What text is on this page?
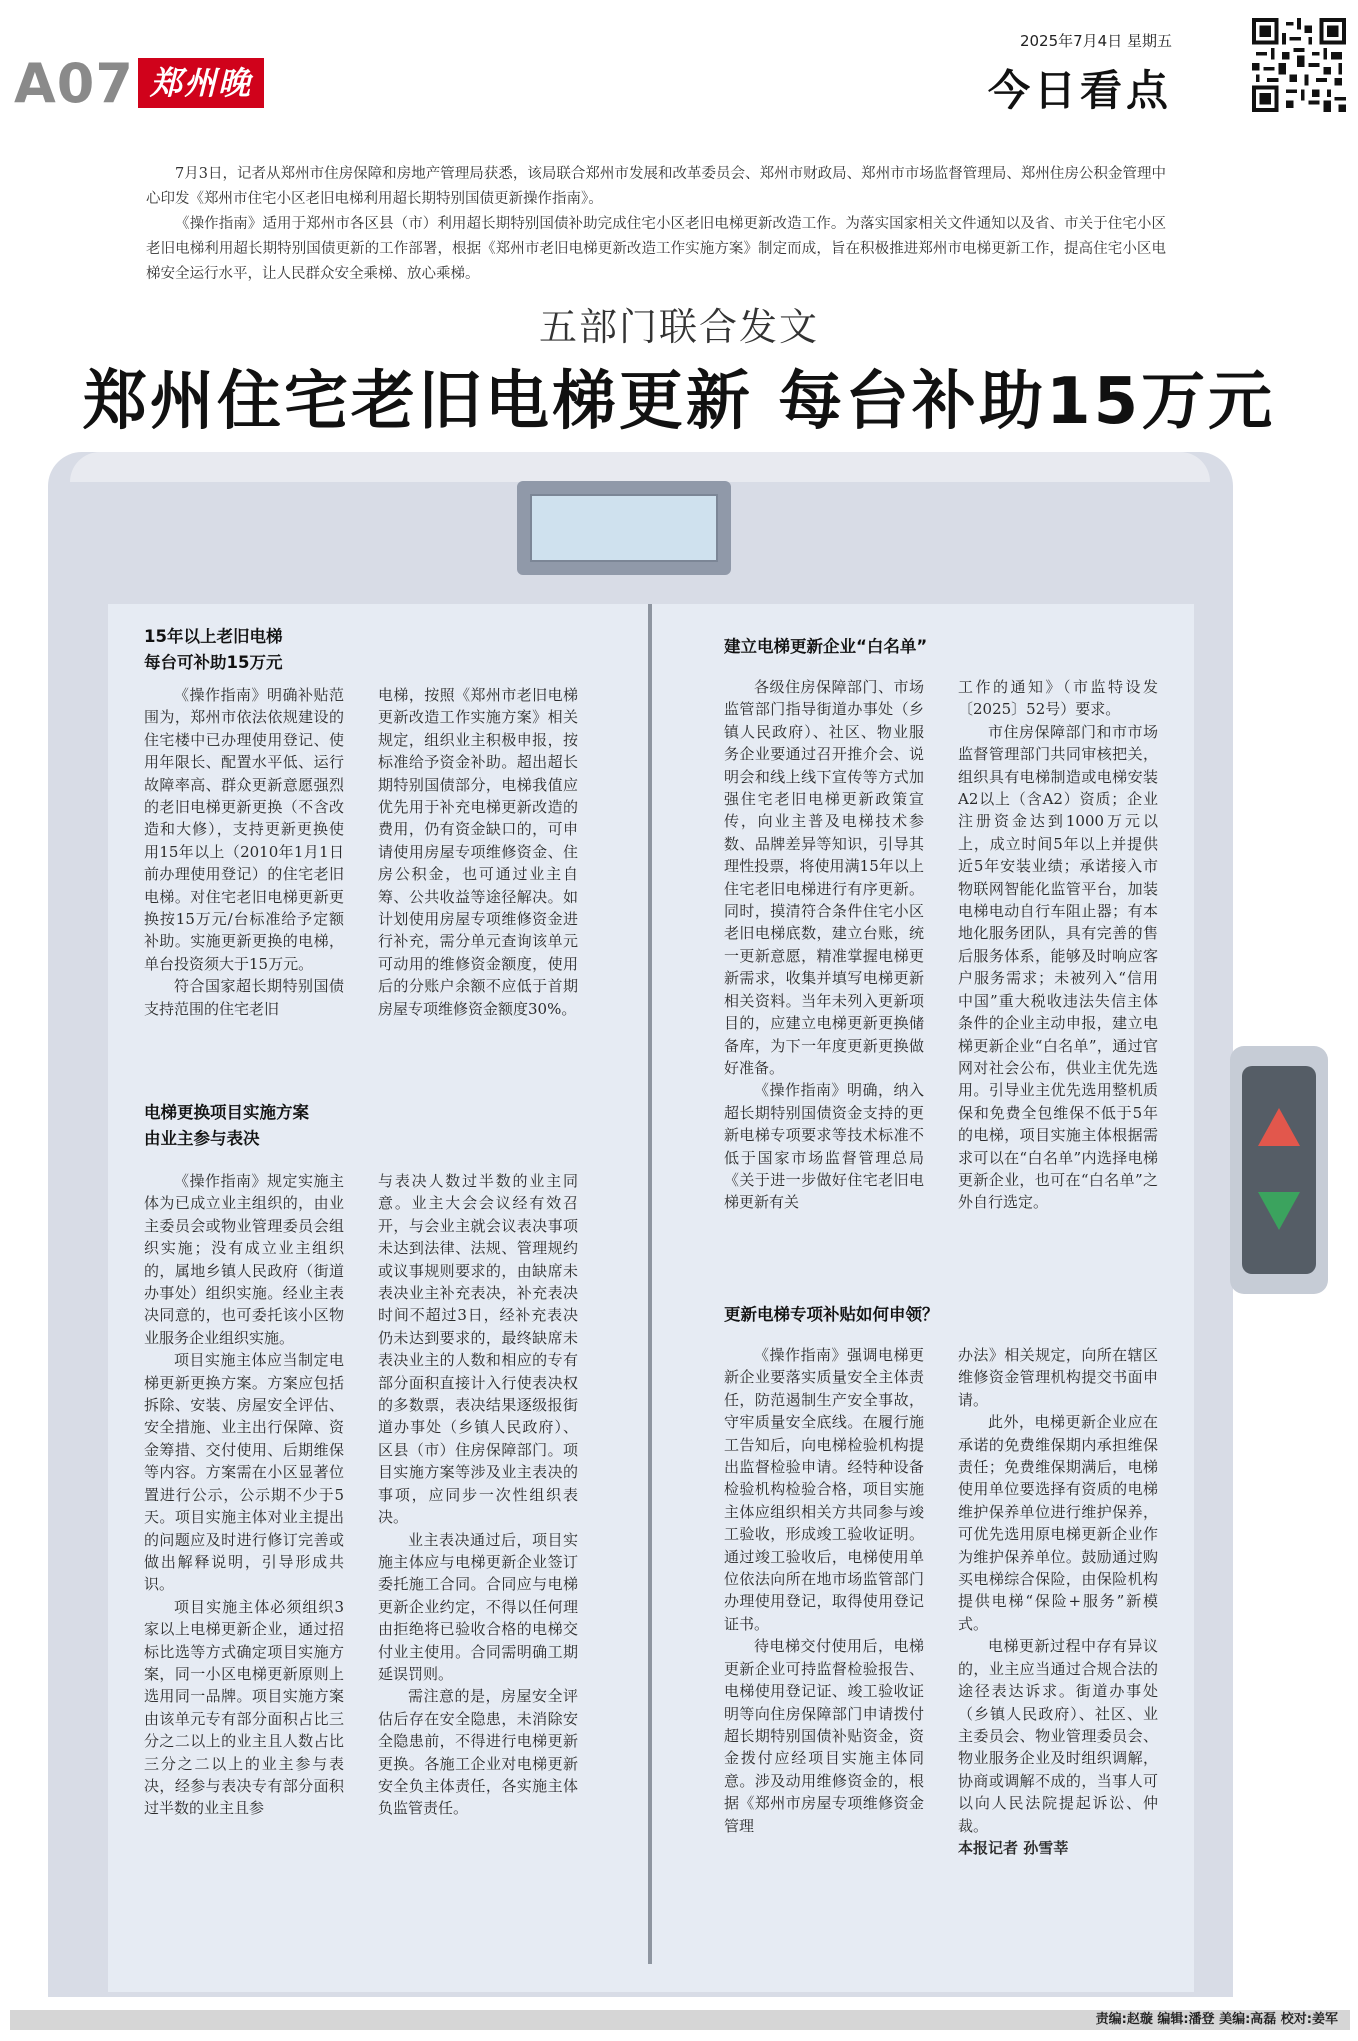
A07 郑州晚报
2025年7月4日 星期五
今日看点

7月3日，记者从郑州市住房保障和房地产管理局获悉，该局联合郑州市发展和改革委员会、郑州市财政局、郑州市市场监督管理局、郑州住房公积金管理中心印发《郑州市住宅小区老旧电梯利用超长期特别国债更新操作指南》。

《操作指南》适用于郑州市各区县（市）利用超长期特别国债补助完成住宅小区老旧电梯更新改造工作。为落实国家相关文件通知以及省、市关于住宅小区老旧电梯利用超长期特别国债更新的工作部署，根据《郑州市老旧电梯更新改造工作实施方案》制定而成，旨在积极推进郑州市电梯更新工作，提高住宅小区电梯安全运行水平，让人民群众安全乘梯、放心乘梯。

五部门联合发文
郑州住宅老旧电梯更新 每台补助15万元
15年以上老旧电梯
每台可补助15万元

《操作指南》明确补贴范围为，郑州市依法依规建设的住宅楼中已办理使用登记、使用年限长、配置水平低、运行故障率高、群众更新意愿强烈的老旧电梯更新更换（不含改造和大修），支持更新更换使用15年以上（2010年1月1日前办理使用登记）的住宅老旧电梯。对住宅老旧电梯更新更换按15万元/台标准给予定额补助。实施更新更换的电梯，单台投资须大于15万元。

符合国家超长期特别国债支持范围的住宅老旧

电梯，按照《郑州市老旧电梯更新改造工作实施方案》相关规定，组织业主积极申报，按标准给予资金补助。超出超长期特别国债部分，电梯我值应优先用于补充电梯更新改造的费用，仍有资金缺口的，可申请使用房屋专项维修资金、住房公积金，也可通过业主自筹、公共收益等途径解决。如计划使用房屋专项维修资金进行补充，需分单元查询该单元可动用的维修资金额度，使用后的分账户余额不应低于首期房屋专项维修资金额度30%。

电梯更换项目实施方案
由业主参与表决

《操作指南》规定实施主体为已成立业主组织的，由业主委员会或物业管理委员会组织实施；没有成立业主组织的，属地乡镇人民政府（街道办事处）组织实施。经业主表决同意的，也可委托该小区物业服务企业组织实施。

项目实施主体应当制定电梯更新更换方案。方案应包括拆除、安装、房屋安全评估、安全措施、业主出行保障、资金筹措、交付使用、后期维保等内容。方案需在小区显著位置进行公示，公示期不少于5天。项目实施主体对业主提出的问题应及时进行修订完善或做出解释说明，引导形成共识。

项目实施主体必须组织3家以上电梯更新企业，通过招标比选等方式确定项目实施方案，同一小区电梯更新原则上选用同一品牌。项目实施方案由该单元专有部分面积占比三分之二以上的业主且人数占比三分之二以上的业主参与表决，经参与表决专有部分面积过半数的业主且参

与表决人数过半数的业主同意。业主大会会议经有效召开，与会业主就会议表决事项未达到法律、法规、管理规约或议事规则要求的，由缺席未表决业主补充表决，补充表决时间不超过3日，经补充表决仍未达到要求的，最终缺席未表决业主的人数和相应的专有部分面积直接计入行使表决权的多数票，表决结果逐级报街道办事处（乡镇人民政府）、区县（市）住房保障部门。项目实施方案等涉及业主表决的事项，应同步一次性组织表决。

业主表决通过后，项目实施主体应与电梯更新企业签订委托施工合同。合同应与电梯更新企业约定，不得以任何理由拒绝将已验收合格的电梯交付业主使用。合同需明确工期延误罚则。

需注意的是，房屋安全评估后存在安全隐患，未消除安全隐患前，不得进行电梯更新更换。各施工企业对电梯更新安全负主体责任，各实施主体负监管责任。

建立电梯更新企业“白名单”

各级住房保障部门、市场监管部门指导街道办事处（乡镇人民政府）、社区、物业服务企业要通过召开推介会、说明会和线上线下宣传等方式加强住宅老旧电梯更新政策宣传，向业主普及电梯技术参数、品牌差异等知识，引导其理性投票，将使用满15年以上住宅老旧电梯进行有序更新。同时，摸清符合条件住宅小区老旧电梯底数，建立台账，统一更新意愿，精准掌握电梯更新需求，收集并填写电梯更新相关资料。当年未列入更新项目的，应建立电梯更新更换储备库，为下一年度更新更换做好准备。

《操作指南》明确，纳入超长期特别国债资金支持的更新电梯专项要求等技术标准不低于国家市场监督管理总局《关于进一步做好住宅老旧电梯更新有关

工作的通知》（市监特设发〔2025〕52号）要求。

市住房保障部门和市市场监督管理部门共同审核把关，组织具有电梯制造或电梯安装A2以上（含A2）资质；企业注册资金达到1000万元以上，成立时间5年以上并提供近5年安装业绩；承诺接入市物联网智能化监管平台，加装电梯电动自行车阻止器；有本地化服务团队，具有完善的售后服务体系，能够及时响应客户服务需求；未被列入“信用中国”重大税收违法失信主体条件的企业主动申报，建立电梯更新企业“白名单”，通过官网对社会公布，供业主优先选用。引导业主优先选用整机质保和免费全包维保不低于5年的电梯，项目实施主体根据需求可以在“白名单”内选择电梯更新企业，也可在“白名单”之外自行选定。

更新电梯专项补贴如何申领？

《操作指南》强调电梯更新企业要落实质量安全主体责任，防范遏制生产安全事故，守牢质量安全底线。在履行施工告知后，向电梯检验机构提出监督检验申请。经特种设备检验机构检验合格，项目实施主体应组织相关方共同参与竣工验收，形成竣工验收证明。通过竣工验收后，电梯使用单位依法向所在地市场监管部门办理使用登记，取得使用登记证书。

待电梯交付使用后，电梯更新企业可持监督检验报告、电梯使用登记证、竣工验收证明等向住房保障部门申请拨付超长期特别国债补贴资金，资金拨付应经项目实施主体同意。涉及动用维修资金的，根据《郑州市房屋专项维修资金管理

办法》相关规定，向所在辖区维修资金管理机构提交书面申请。

此外，电梯更新企业应在承诺的免费维保期内承担维保责任；免费维保期满后，电梯使用单位要选择有资质的电梯维护保养单位进行维护保养，可优先选用原电梯更新企业作为维护保养单位。鼓励通过购买电梯综合保险，由保险机构提供电梯“保险+服务”新模式。

电梯更新过程中存有异议的，业主应当通过合规合法的途径表达诉求。街道办事处（乡镇人民政府）、社区、业主委员会、物业管理委员会、物业服务企业及时组织调解，协商或调解不成的，当事人可以向人民法院提起诉讼、仲裁。

本报记者 孙雪莘

责编:赵璇 编辑:潘登 美编:高磊 校对:姜军
